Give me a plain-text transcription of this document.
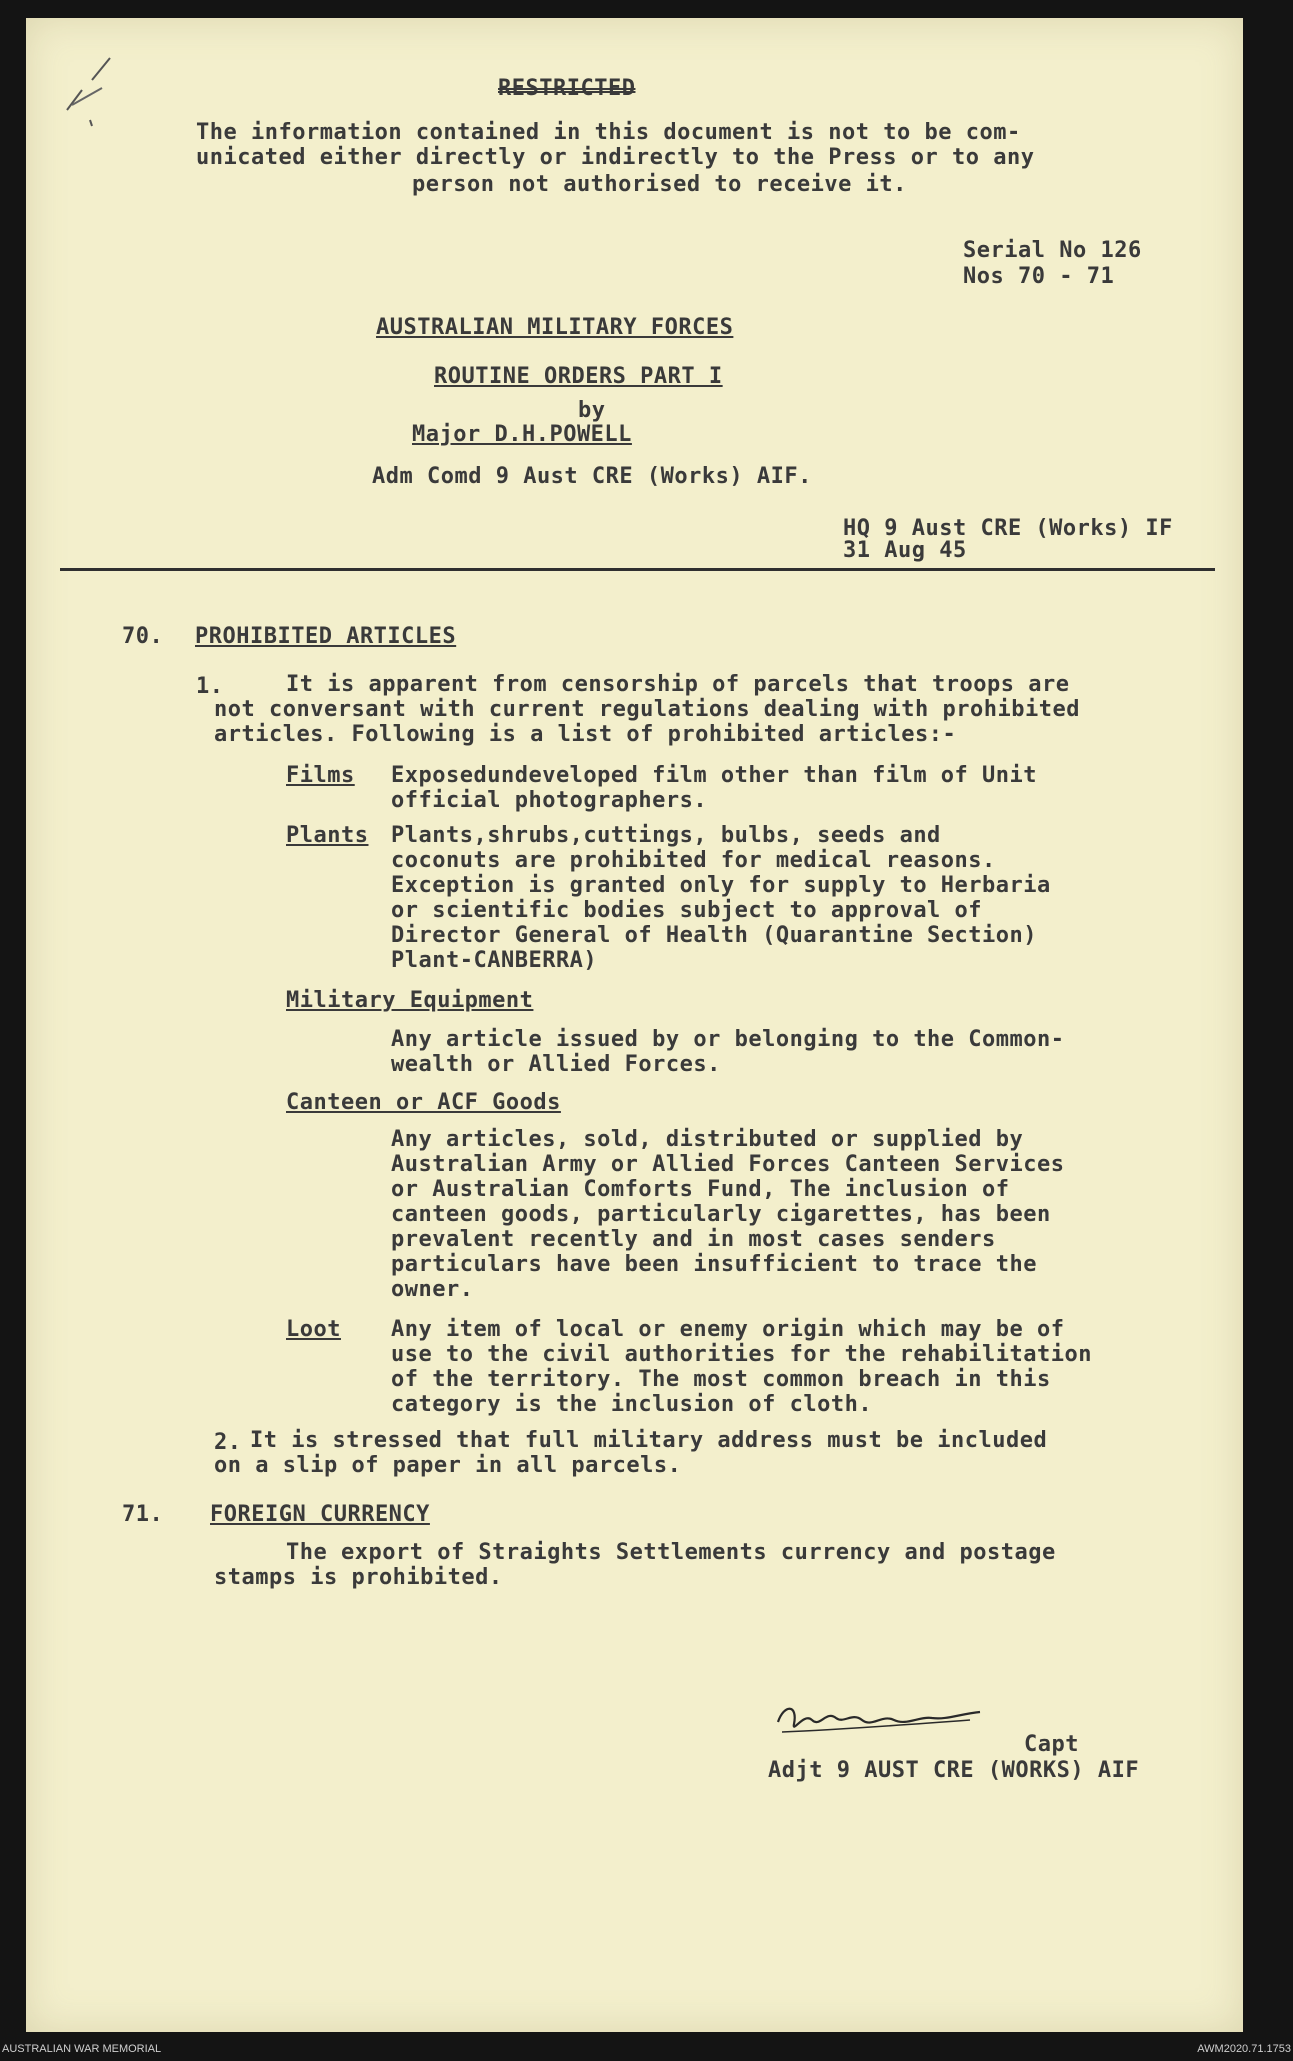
RESTRICTED
The information contained in this document is not to be com-
unicated either directly or indirectly to the Press or to any
person not authorised to receive it.
Serial No 126
Nos 70 - 71
AUSTRALIAN MILITARY FORCES
ROUTINE ORDERS PART I
by
Major D.H.POWELL
Adm Comd 9 Aust CRE (Works) AIF.
HQ 9 Aust CRE (Works) IF
31 Aug 45
70. PROHIBITED ARTICLES
1.	It is apparent from censorship of parcels that troops are
not conversant with current regulations dealing with prohibited
articles. Following is a list of prohibited articles:-
Films Exposedundeveloped film other than film of Unit
official photographers.
Plants Plants,shrubs,cuttings, bulbs, seeds and
coconuts are prohibited for medical reasons.
Exception is granted only for supply to Herbaria
or scientific bodies subject to approval of
Director General of Health (Quarantine Section)
Plant-CANBERRA)
Military Equipment
Any article issued by or belonging to the Common-
wealth or Allied Forces.
Canteen or ACF Goods
Any articles, sold, distributed or supplied by
Australian Army or Allied Forces Canteen Services
or Australian Comforts Fund, The inclusion of
canteen goods, particularly cigarettes, has been
prevalent recently and in most cases senders
particulars have been insufficient to trace the
owner.
Loot Any item of local or enemy origin which may be of
use to the civil authorities for the rehabilitation
of the territory. The most common breach in this
category is the inclusion of cloth.
2. It is stressed that full military address must be included
on a slip of paper in all parcels.
71. FOREIGN CURRENCY
The export of Straights Settlements currency and postage
stamps is prohibited.
Capt
Adjt 9 AUST CRE (WORKS) AIF
AUSTRALIAN WAR MEMORIAL	AWM2020.71.1753
